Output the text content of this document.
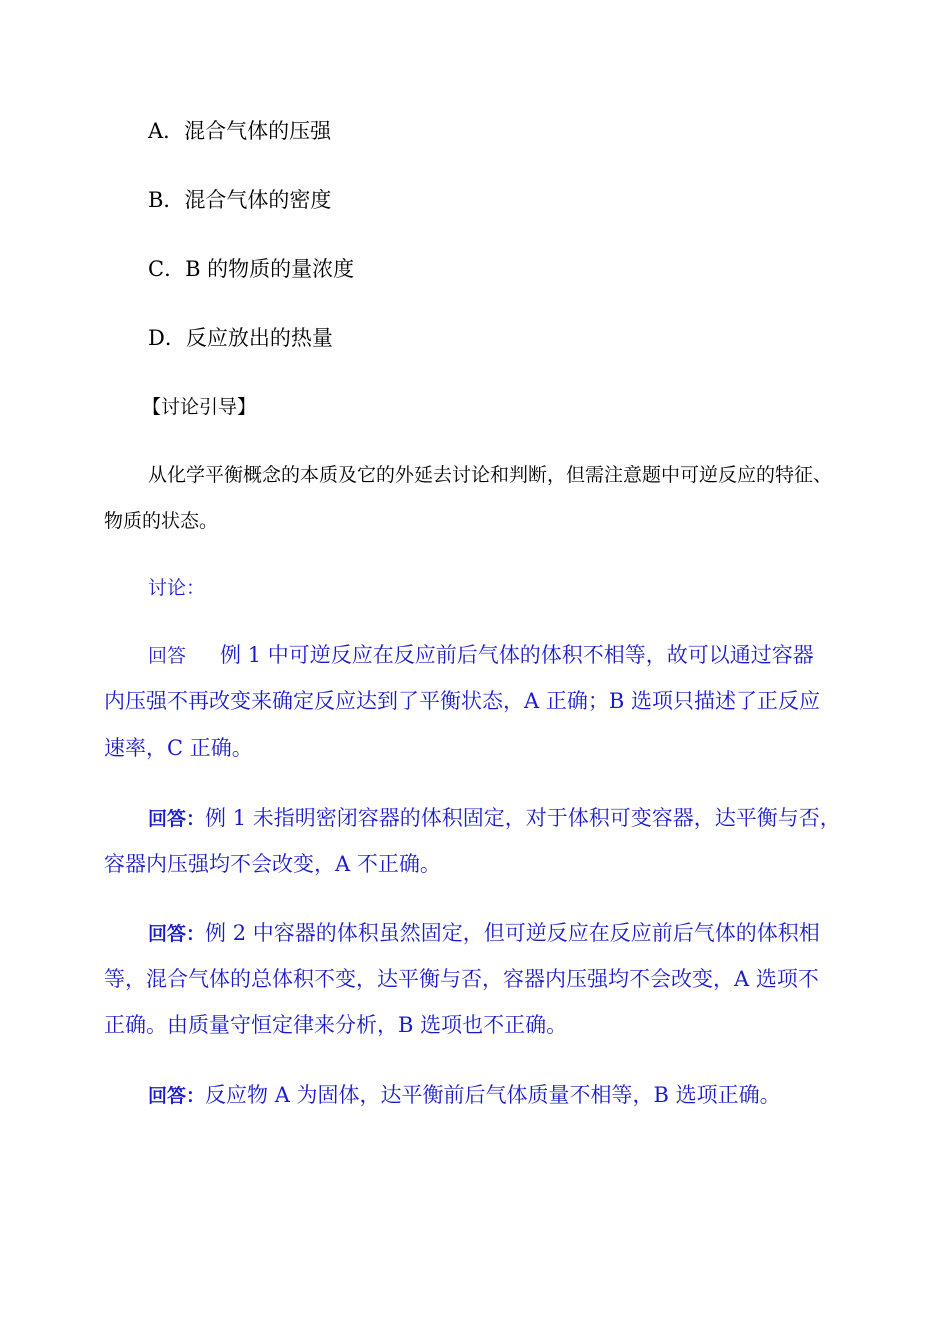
A．混合气体的压强
B．混合气体的密度
C．B 的物质的量浓度
D．反应放出的热量
【讨论引导】
从化学平衡概念的本质及它的外延去讨论和判断，但需注意题中可逆反应的特征、
物质的状态。
讨论：
回答 例 1 中可逆反应在反应前后气体的体积不相等，故可以通过容器
内压强不再改变来确定反应达到了平衡状态，A 正确；B 选项只描述了正反应
速率，C 正确。
回答：例 1 未指明密闭容器的体积固定，对于体积可变容器，达平衡与否，
容器内压强均不会改变，A 不正确。
回答：例 2 中容器的体积虽然固定，但可逆反应在反应前后气体的体积相
等，混合气体的总体积不变，达平衡与否，容器内压强均不会改变，A 选项不
正确。由质量守恒定律来分析，B 选项也不正确。
回答：反应物 A 为固体，达平衡前后气体质量不相等，B 选项正确。
